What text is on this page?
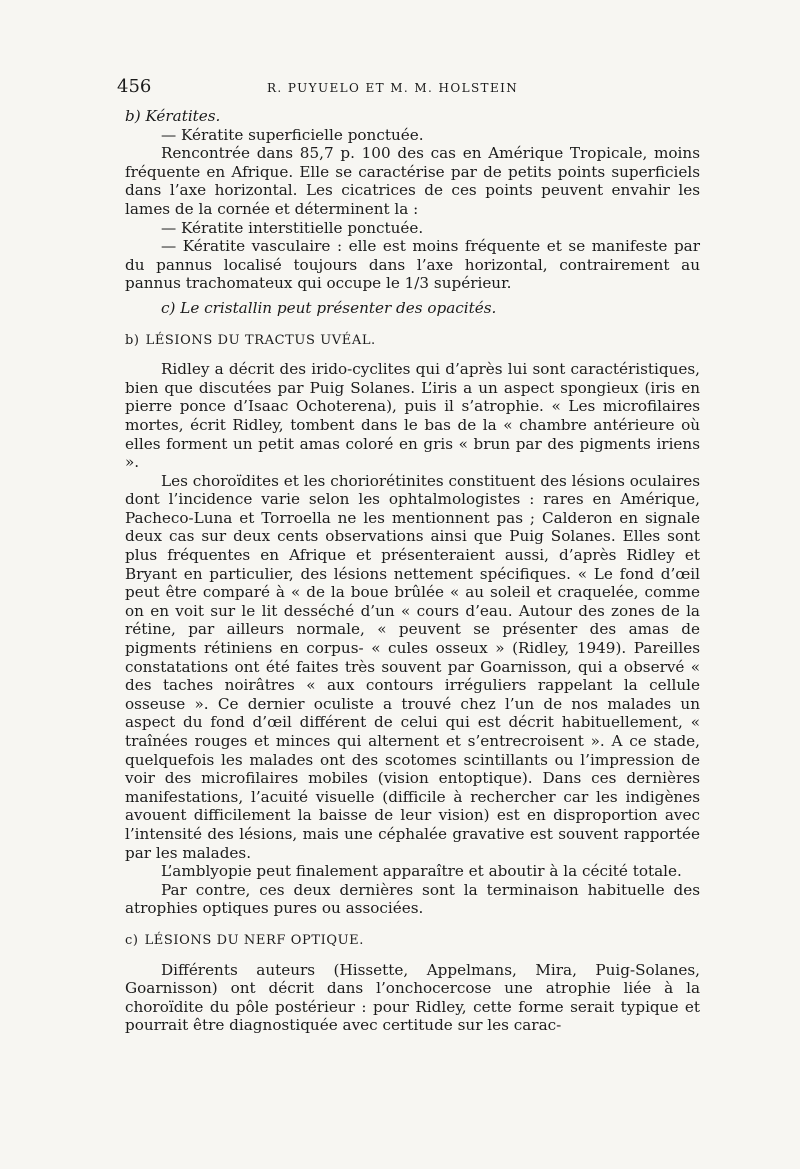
456	R. PUYUELO ET M. M. HOLSTEIN

b) Kératites.

— Kératite superficielle ponctuée.

Rencontrée dans 85,7 p. 100 des cas en Amérique Tropicale, moins fréquente en Afrique. Elle se caractérise par de petits points superficiels dans l’axe horizontal. Les cicatrices de ces points peuvent envahir les lames de la cornée et déterminent la :

— Kératite interstitielle ponctuée.

— Kératite vasculaire : elle est moins fréquente et se manifeste par du pannus localisé toujours dans l’axe horizontal, contrairement au pannus trachomateux qui occupe le 1/3 supérieur.

c) Le cristallin peut présenter des opacités.

b) LÉSIONS DU TRACTUS UVÉAL.

Ridley a décrit des irido-cyclites qui d’après lui sont caractéristiques, bien que discutées par Puig Solanes. L’iris a un aspect spongieux (iris en pierre ponce d’Isaac Ochoterena), puis il s’atrophie. « Les microfilaires mortes, écrit Ridley, tombent dans le bas de la « chambre antérieure où elles forment un petit amas coloré en gris « brun par des pigments iriens ».

Les choroïdites et les choriorétinites constituent des lésions oculaires dont l’incidence varie selon les ophtalmologistes : rares en Amérique, Pacheco-Luna et Torroella ne les mentionnent pas ; Calderon en signale deux cas sur deux cents observations ainsi que Puig Solanes. Elles sont plus fréquentes en Afrique et présenteraient aussi, d’après Ridley et Bryant en particulier, des lésions nettement spécifiques. « Le fond d’œil peut être comparé à « de la boue brûlée « au soleil et craquelée, comme on en voit sur le lit desséché d’un « cours d’eau. Autour des zones de la rétine, par ailleurs normale, « peuvent se présenter des amas de pigments rétiniens en corpus- « cules osseux » (Ridley, 1949). Pareilles constatations ont été faites très souvent par Goarnisson, qui a observé « des taches noirâtres « aux contours irréguliers rappelant la cellule osseuse ». Ce dernier oculiste a trouvé chez l’un de nos malades un aspect du fond d’œil différent de celui qui est décrit habituellement, « traînées rouges et minces qui alternent et s’entrecroisent ». A ce stade, quelquefois les malades ont des scotomes scintillants ou l’impression de voir des microfilaires mobiles (vision entoptique). Dans ces dernières manifestations, l’acuité visuelle (difficile à rechercher car les indigènes avouent difficilement la baisse de leur vision) est en disproportion avec l’intensité des lésions, mais une céphalée gravative est souvent rapportée par les malades.

L’amblyopie peut finalement apparaître et aboutir à la cécité totale.

Par contre, ces deux dernières sont la terminaison habituelle des atrophies optiques pures ou associées.

c) LÉSIONS DU NERF OPTIQUE.

Différents auteurs (Hissette, Appelmans, Mira, Puig-Solanes, Goarnisson) ont décrit dans l’onchocercose une atrophie liée à la choroïdite du pôle postérieur : pour Ridley, cette forme serait typique et pourrait être diagnostiquée avec certitude sur les carac-
